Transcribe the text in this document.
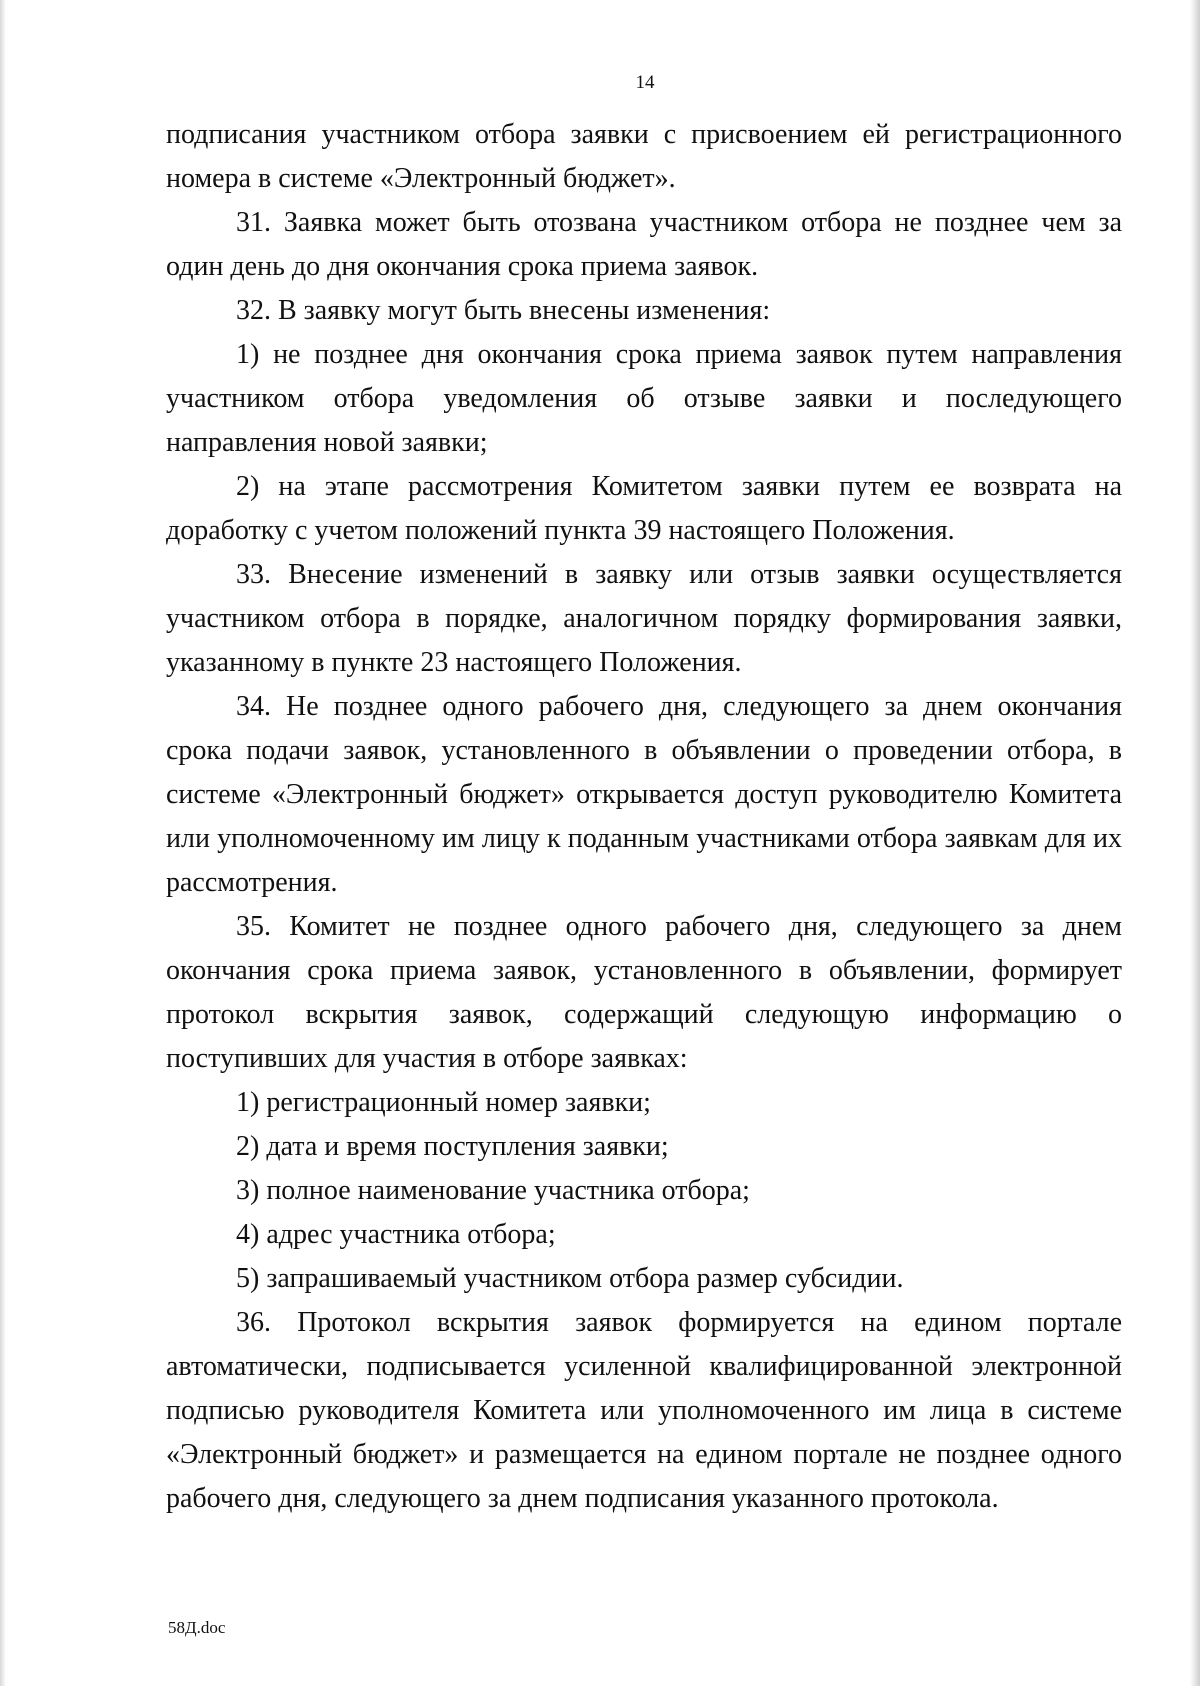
14

подписания участником отбора заявки с присвоением ей регистрационного номера в системе «Электронный бюджет».

31. Заявка может быть отозвана участником отбора не позднее чем за один день до дня окончания срока приема заявок.

32. В заявку могут быть внесены изменения:

1) не позднее дня окончания срока приема заявок путем направления участником отбора уведомления об отзыве заявки и последующего направления новой заявки;

2) на этапе рассмотрения Комитетом заявки путем ее возврата на доработку с учетом положений пункта 39 настоящего Положения.

33. Внесение изменений в заявку или отзыв заявки осуществляется участником отбора в порядке, аналогичном порядку формирования заявки, указанному в пункте 23 настоящего Положения.

34. Не позднее одного рабочего дня, следующего за днем окончания срока подачи заявок, установленного в объявлении о проведении отбора, в системе «Электронный бюджет» открывается доступ руководителю Комитета или уполномоченному им лицу к поданным участниками отбора заявкам для их рассмотрения.

35. Комитет не позднее одного рабочего дня, следующего за днем окончания срока приема заявок, установленного в объявлении, формирует протокол вскрытия заявок, содержащий следующую информацию о поступивших для участия в отборе заявках:

1) регистрационный номер заявки;

2) дата и время поступления заявки;

3) полное наименование участника отбора;

4) адрес участника отбора;

5) запрашиваемый участником отбора размер субсидии.

36. Протокол вскрытия заявок формируется на едином портале автоматически, подписывается усиленной квалифицированной электронной подписью руководителя Комитета или уполномоченного им лица в системе «Электронный бюджет» и размещается на едином портале не позднее одного рабочего дня, следующего за днем подписания указанного протокола.

58Д.doc
